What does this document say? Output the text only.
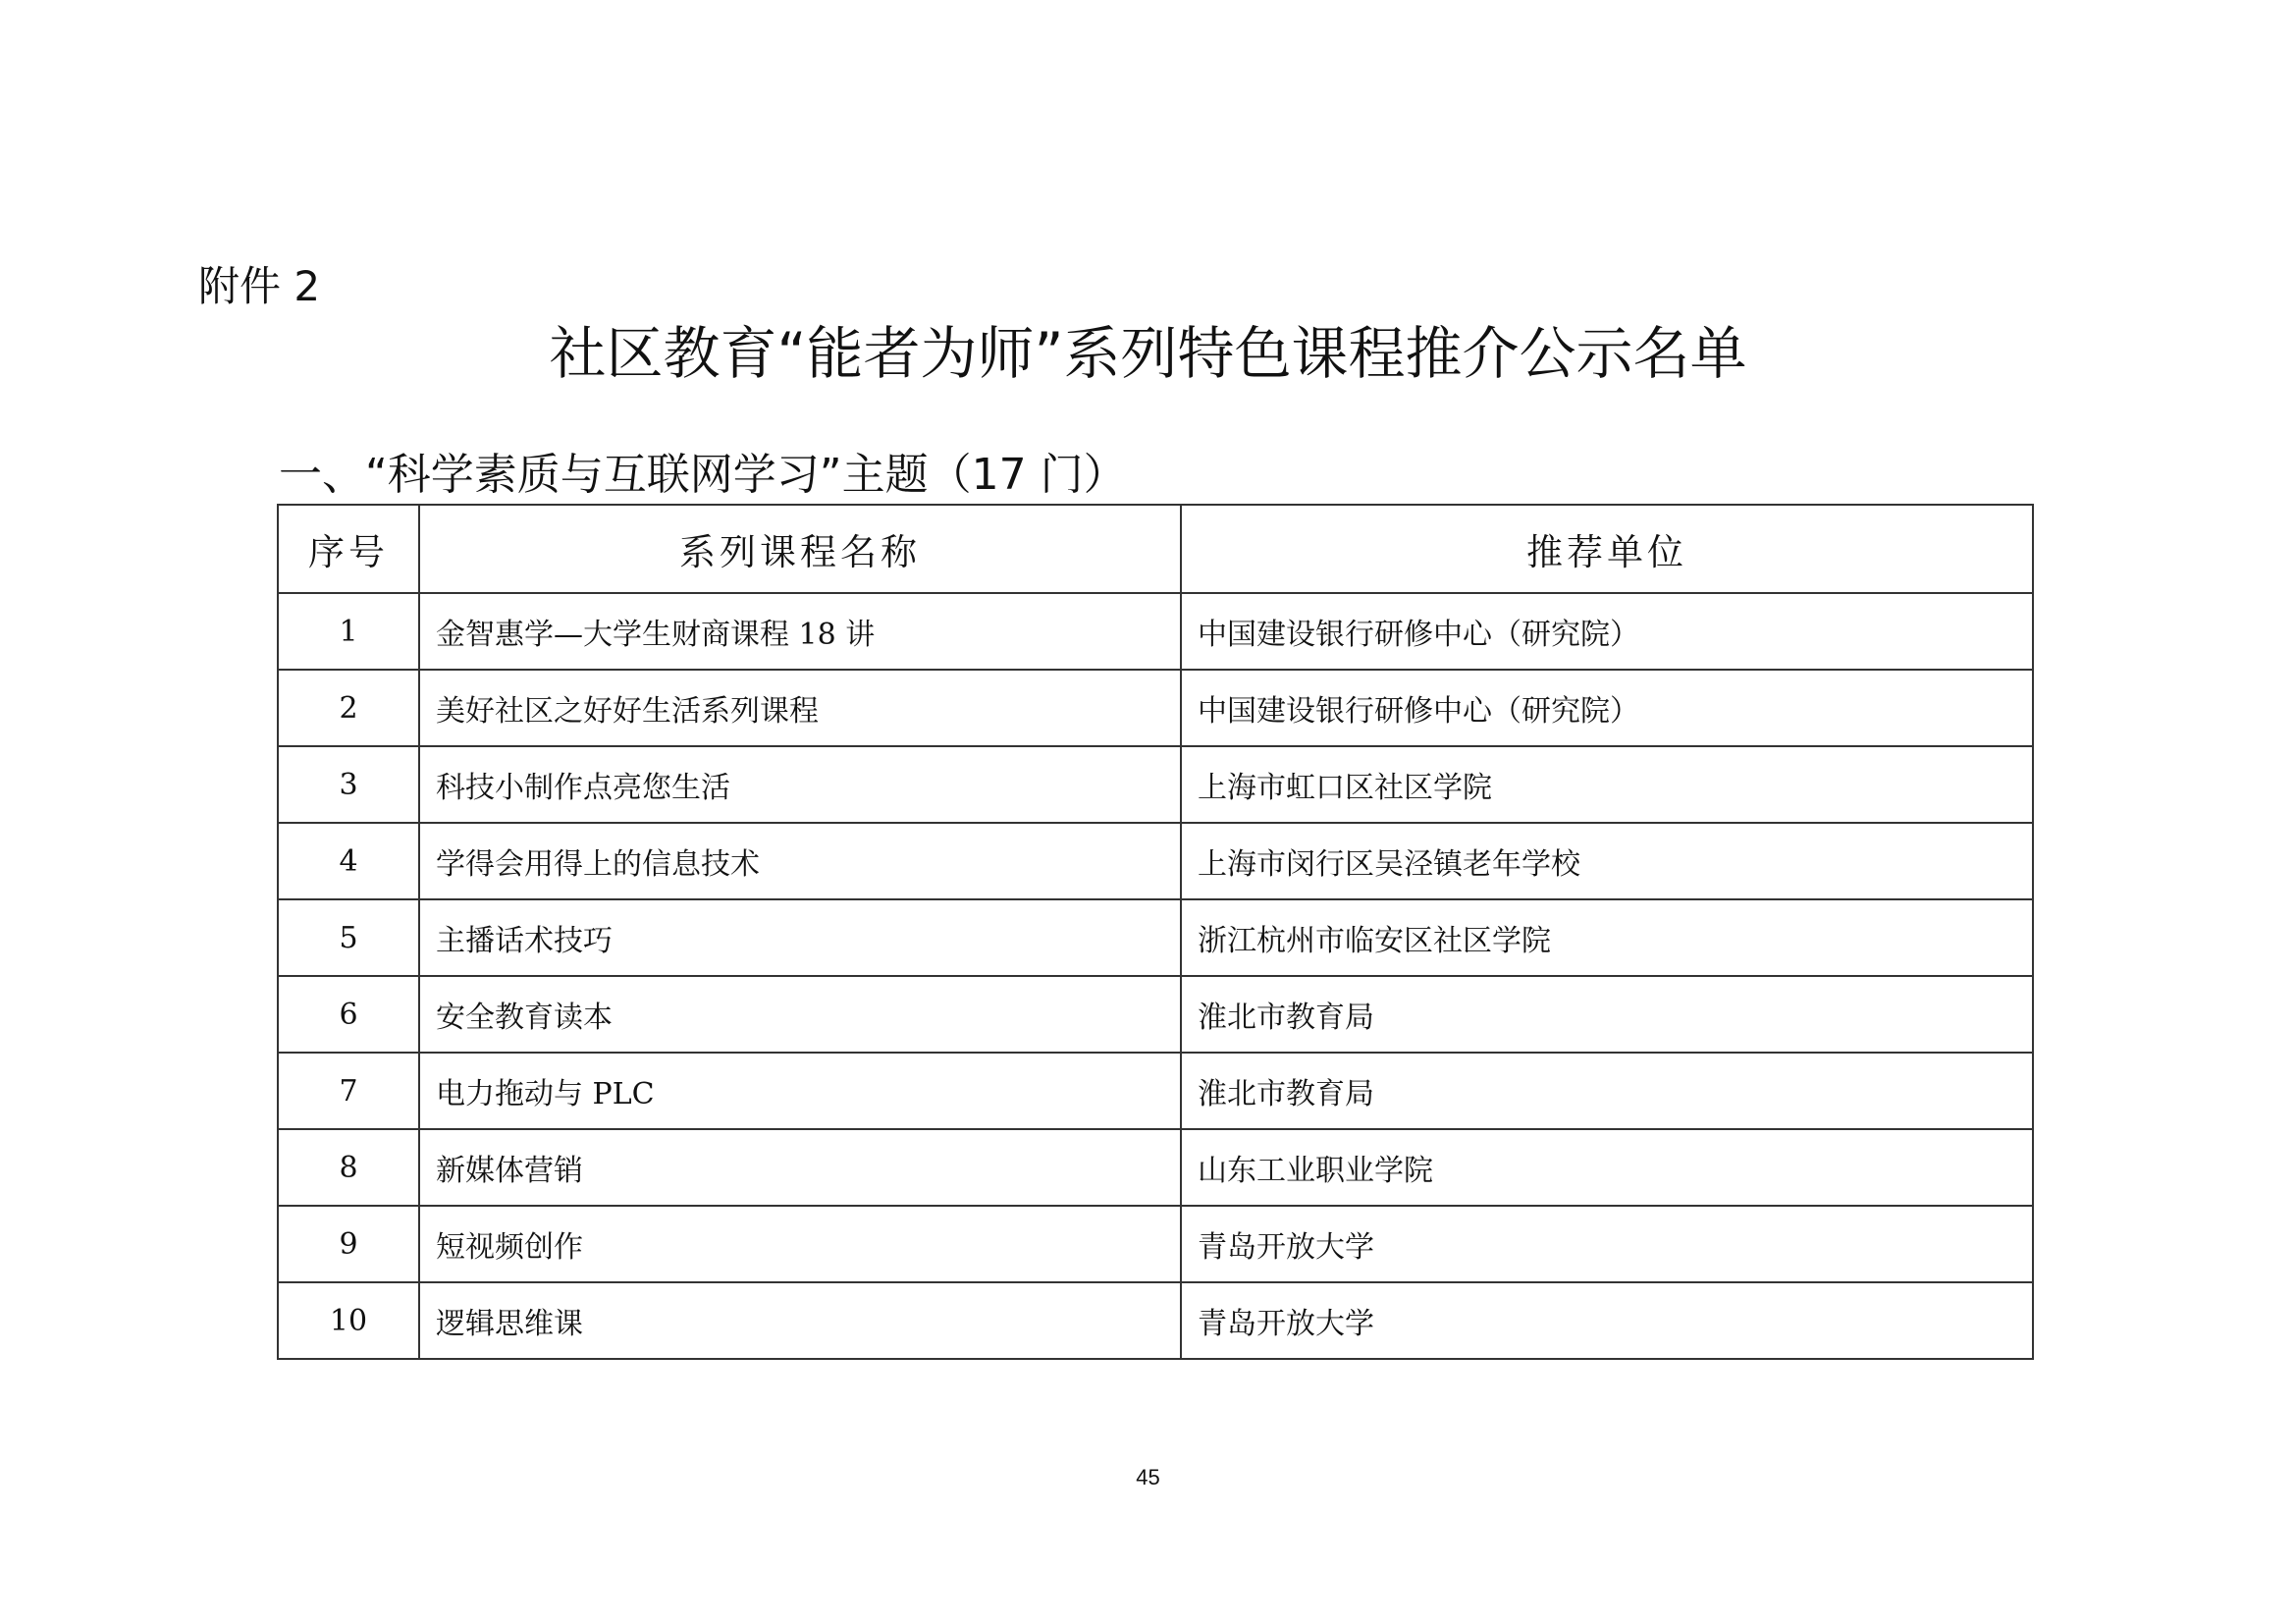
附件 2
社区教育“能者为师”系列特色课程推介公示名单
一、“科学素质与互联网学习”主题（17 门）
序号	系列课程名称	推荐单位
1	金智惠学—大学生财商课程 18 讲	中国建设银行研修中心（研究院）
2	美好社区之好好生活系列课程	中国建设银行研修中心（研究院）
3	科技小制作点亮您生活	上海市虹口区社区学院
4	学得会用得上的信息技术	上海市闵行区吴泾镇老年学校
5	主播话术技巧	浙江杭州市临安区社区学院
6	安全教育读本	淮北市教育局
7	电力拖动与 PLC	淮北市教育局
8	新媒体营销	山东工业职业学院
9	短视频创作	青岛开放大学
10	逻辑思维课	青岛开放大学
45
